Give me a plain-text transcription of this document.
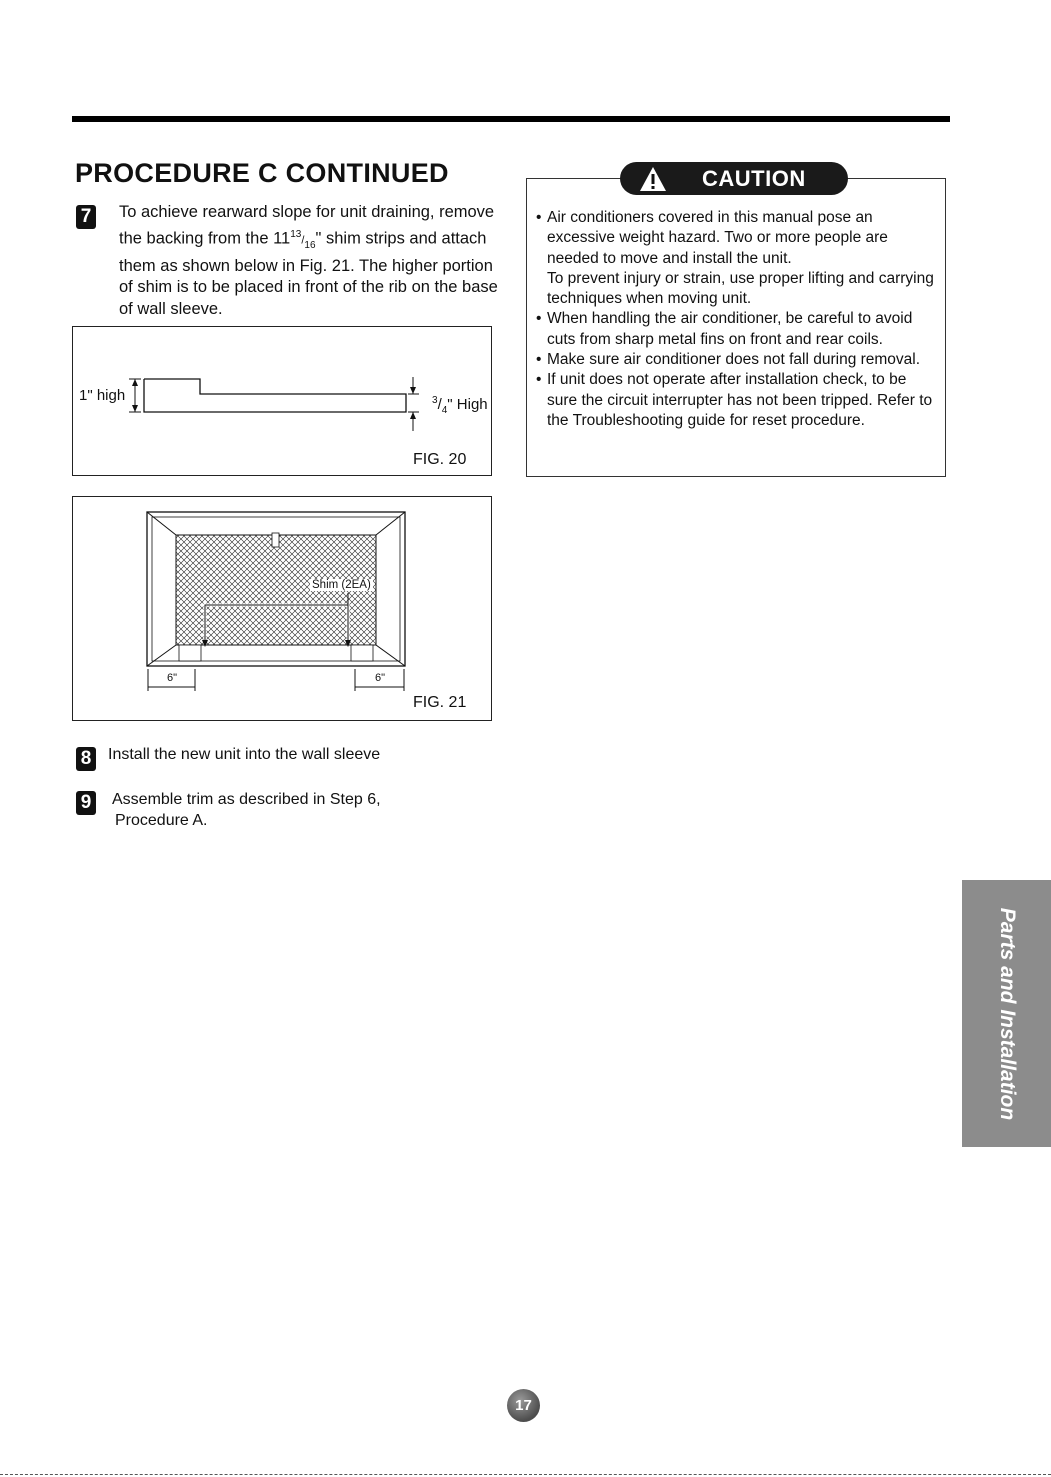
PROCEDURE C CONTINUED
7 To achieve rearward slope for unit draining, remove the backing from the $11^{13}/_{16}$" shim strips and attach them as shown below in Fig. 21. The higher portion of shim is to be placed in front of the rib on the base of wall sleeve.
1" high	$^3/_4$" High
FIG. 20
Shim (2EA)
6"	6"
FIG. 21
8 Install the new unit into the wall sleeve
9 Assemble trim as described in Step 6,
Procedure A.
CAUTION
• Air conditioners covered in this manual pose an excessive weight hazard. Two or more people are needed to move and install the unit.
To prevent injury or strain, use proper lifting and carrying techniques when moving unit.
• When handling the air conditioner, be careful to avoid cuts from sharp metal fins on front and rear coils.
• Make sure air conditioner does not fall during removal.
• If unit does not operate after installation check, to be sure the circuit interrupter has not been tripped. Refer to the Troubleshooting guide for reset procedure.
Parts and Installation
17
